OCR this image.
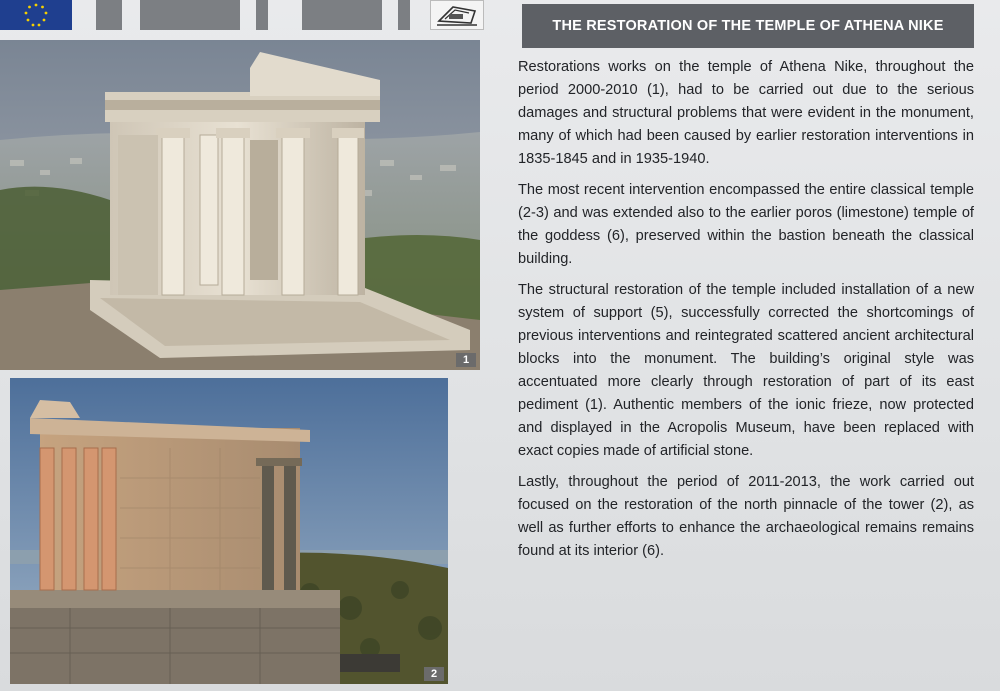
1
2
THE RESTORATION OF THE TEMPLE OF ATHENA NIKE

Restorations works on the temple of Athena Nike, throughout the period 2000-2010 (1), had to be carried out due to the serious damages and structural problems that were evident in the monument, many of which had been caused by earlier restoration interventions in 1835-1845 and in 1935-1940.

The most recent intervention encompassed the entire classical temple (2-3) and was extended also to the earlier poros (limestone) temple of the goddess (6), preserved within the bastion beneath the classical building.

The structural restoration of the temple included installation of a new system of support (5), successfully corrected the shortcomings of previous interventions and reintegrated scattered ancient architectural blocks into the monument. The building’s original style was accentuated more clearly through restoration of part of its east pediment (1). Authentic members of the ionic frieze, now protected and displayed in the Acropolis Museum, have been replaced with exact copies made of artificial stone.

Lastly, throughout the period of 2011-2013, the work carried out focused on the restoration of the north pinnacle of the tower (2), as well as further efforts to enhance the archaeological remains remains found at its interior (6).
